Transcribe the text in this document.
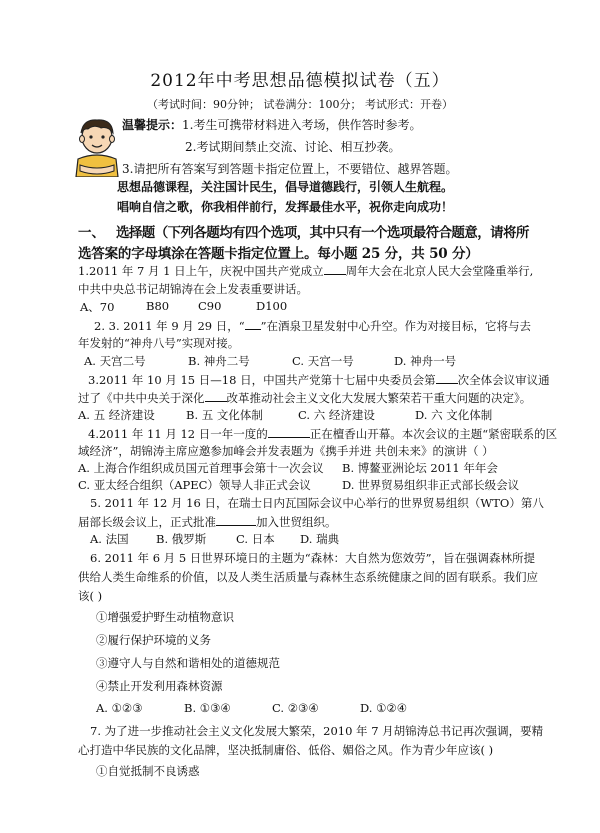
2012年中考思想品德模拟试卷（五）
（考试时间：90分钟； 试卷满分：100分； 考试形式：开卷）
温馨提示：1.考生可携带材料进入考场，供作答时参考。
2.考试期间禁止交流、讨论、相互抄袭。
3.请把所有答案写到答题卡指定位置上，不要错位、越界答题。
思想品德课程，关注国计民生，倡导道德践行，引领人生航程。
唱响自信之歌，你我相伴前行，发挥最佳水平，祝你走向成功！
一、 选择题（下列各题均有四个选项，其中只有一个选项最符合题意，请将所
选答案的字母填涂在答题卡指定位置上。每小题 25 分，共 50 分）
1.2011 年 7 月 1 日上午，庆祝中国共产党成立 周年大会在北京人民大会堂隆重举行,
中共中央总书记胡锦涛在会上发表重要讲话。
A、70	B80	C90	D100
2. 3. 2011 年 9 月 29 日，“ ”在酒泉卫星发射中心升空。作为对接目标，它将与去
年发射的“神舟八号”实现对接。
A. 天宫二号	B. 神舟二号	C. 天宫一号	D. 神舟一号
3.2011 年 10 月 15 日—18 日，中国共产党第十七届中央委员会第 次全体会议审议通
过了《中共中央关于深化 改革推动社会主义文化大发展大繁荣若干重大问题的决定》。
A. 五 经济建设	B. 五 文化体制	C. 六 经济建设	D. 六 文化体制
4.2011 年 11 月 12 日一年一度的	正在檀香山开幕。本次会议的主题“紧密联系的区
域经济”，胡锦涛主席应邀参加峰会并发表题为《携手并进 共创未来》的演讲（ ）
A. 上海合作组织成员国元首理事会第十一次会议 B. 博鳌亚洲论坛 2011 年年会
C. 亚太经合组织（APEC）领导人非正式会议	D. 世界贸易组织非正式部长级会议
5. 2011 年 12 月 16 日，在瑞士日内瓦国际会议中心举行的世界贸易组织（WTO）第八
届部长级会议上，正式批准	加入世贸组织。
A. 法国 B. 俄罗斯	C. 日本 D. 瑞典
6. 2011 年 6 月 5 日世界环境日的主题为“森林：大自然为您效劳”，旨在强调森林所提
供给人类生命维系的价值，以及人类生活质量与森林生态系统健康之间的固有联系。我们应
该( )
①增强爱护野生动植物意识
②履行保护环境的义务
③遵守人与自然和谐相处的道德规范
④禁止开发利用森林资源
A. ①②③	B. ①③④	C. ②③④	D. ①②④
7. 为了进一步推动社会主义文化发展大繁荣，2010 年 7 月胡锦涛总书记再次强调，要精
心打造中华民族的文化品牌，坚决抵制庸俗、低俗、媚俗之风。作为青少年应该( )
①自觉抵制不良诱惑
